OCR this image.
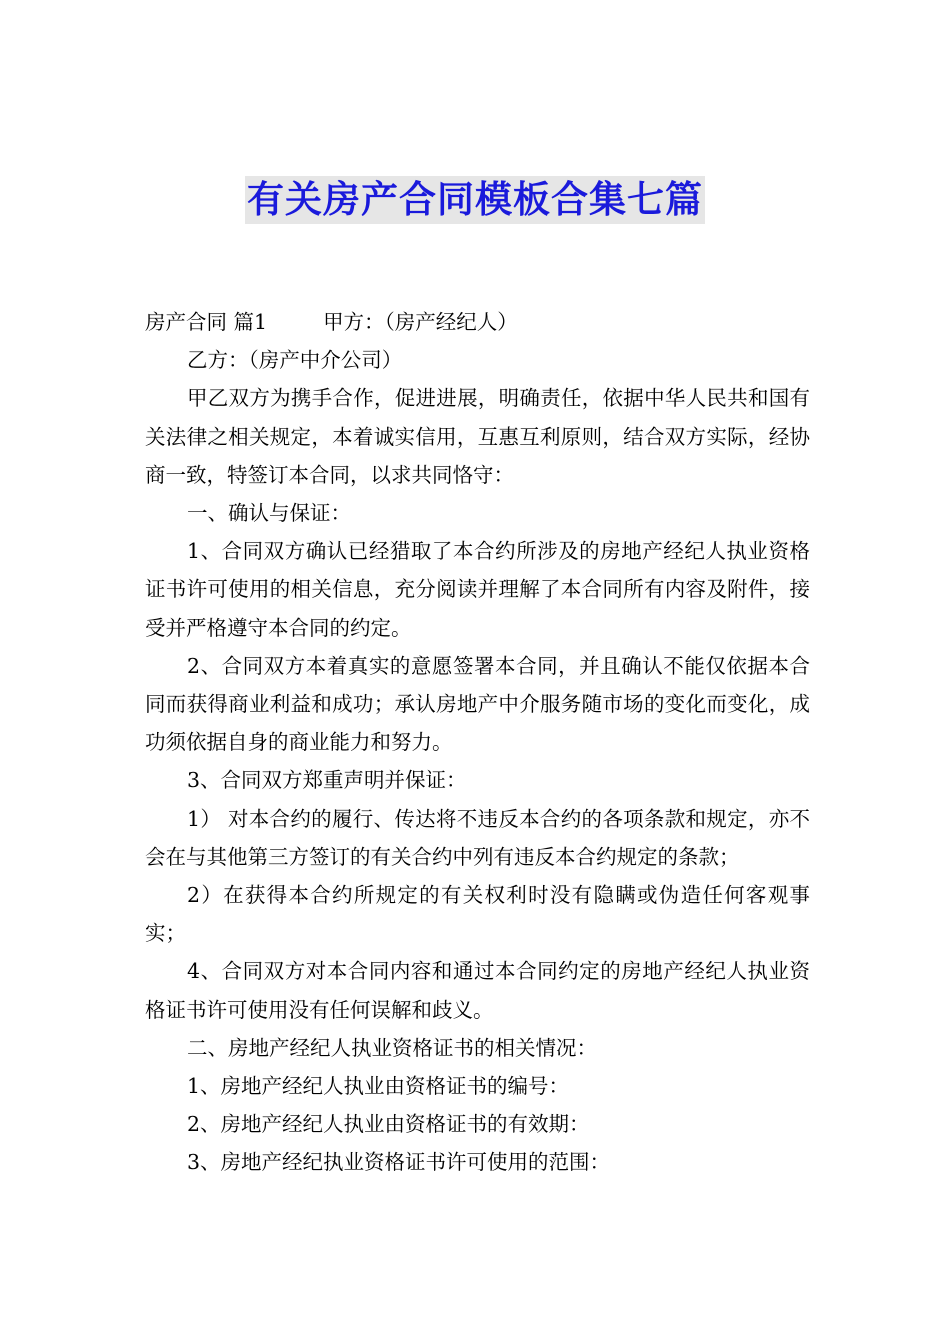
有关房产合同模板合集七篇

房产合同 篇1	甲方：（房产经纪人）

乙方：（房产中介公司）

甲乙双方为携手合作，促进进展，明确责任，依据中华人民共和国有关法律之相关规定，本着诚实信用，互惠互利原则，结合双方实际，经协商一致，特签订本合同，以求共同恪守：

一、确认与保证：

1、合同双方确认已经猎取了本合约所涉及的房地产经纪人执业资格证书许可使用的相关信息，充分阅读并理解了本合同所有内容及附件，接受并严格遵守本合同的约定。

2、合同双方本着真实的意愿签署本合同，并且确认不能仅依据本合同而获得商业利益和成功；承认房地产中介服务随市场的变化而变化，成功须依据自身的商业能力和努力。

3、合同双方郑重声明并保证：

1） 对本合约的履行、传达将不违反本合约的各项条款和规定，亦不会在与其他第三方签订的有关合约中列有违反本合约规定的条款；

2）在获得本合约所规定的有关权利时没有隐瞒或伪造任何客观事实；

4、合同双方对本合同内容和通过本合同约定的房地产经纪人执业资格证书许可使用没有任何误解和歧义。

二、房地产经纪人执业资格证书的相关情况：

1、房地产经纪人执业由资格证书的编号：

2、房地产经纪人执业由资格证书的有效期：

3、房地产经纪执业资格证书许可使用的范围：
